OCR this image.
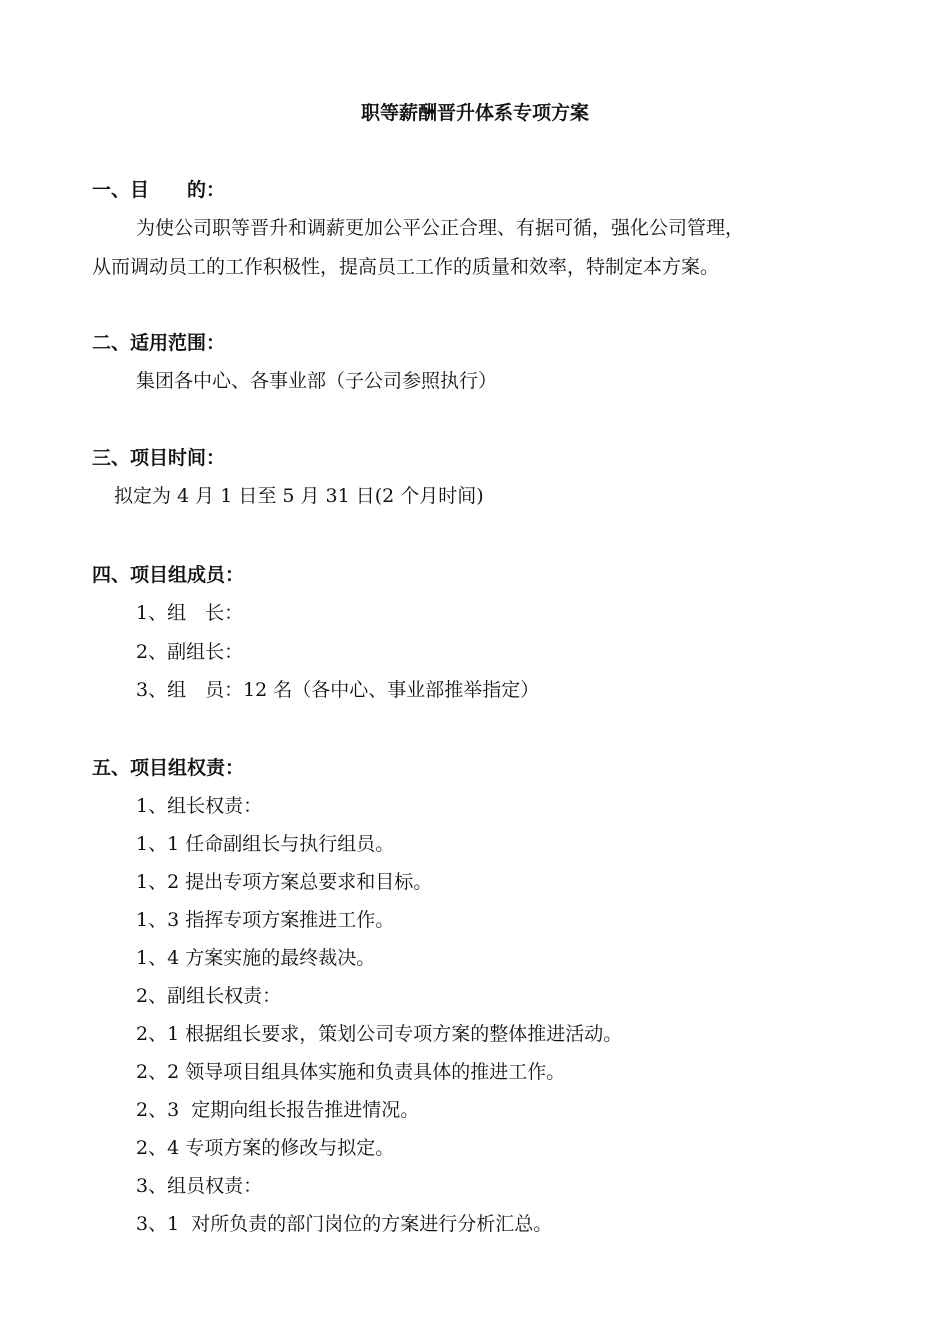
职等薪酬晋升体系专项方案

一、目　　的：

为使公司职等晋升和调薪更加公平公正合理、有据可循，强化公司管理，

从而调动员工的工作积极性，提高员工工作的质量和效率，特制定本方案。

二、适用范围：

集团各中心、各事业部（子公司参照执行）

三、项目时间：

拟定为 4 月 1 日至 5 月 31 日(2 个月时间)

四、项目组成员：

1、组　长：

2、副组长：

3、组　员：12 名（各中心、事业部推举指定）

五、项目组权责：

1、组长权责：

1、1 任命副组长与执行组员。

1、2 提出专项方案总要求和目标。

1、3 指挥专项方案推进工作。

1、4 方案实施的最终裁决。

2、副组长权责：

2、1 根据组长要求，策划公司专项方案的整体推进活动。

2、2 领导项目组具体实施和负责具体的推进工作。

2、3  定期向组长报告推进情况。

2、4 专项方案的修改与拟定。

3、组员权责：

3、1  对所负责的部门岗位的方案进行分析汇总。
